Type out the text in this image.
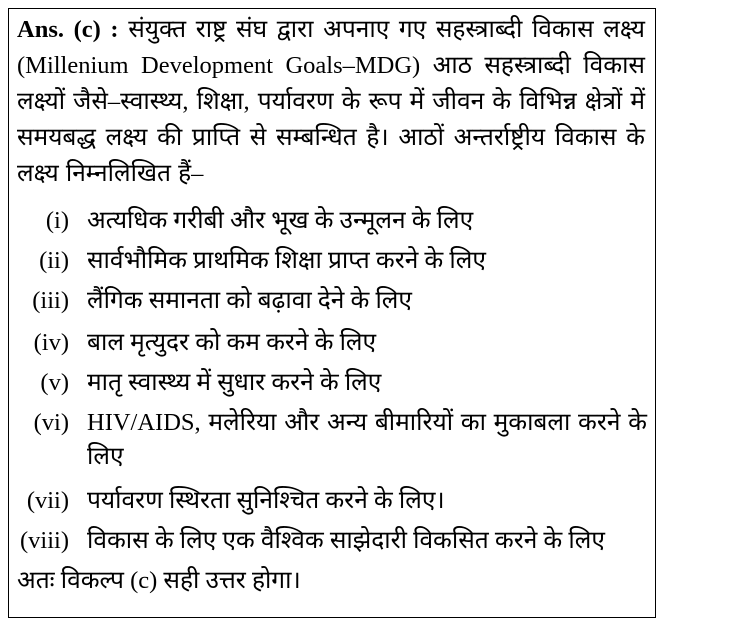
Ans. (c) : संयुक्त राष्ट्र संघ द्वारा अपनाए गए सहस्त्राब्दी विकास लक्ष्य (Millenium Development Goals–MDG) आठ सहस्त्राब्दी विकास लक्ष्यों जैसे–स्वास्थ्य, शिक्षा, पर्यावरण के रूप में जीवन के विभिन्न क्षेत्रों में समयबद्ध लक्ष्य की प्राप्ति से सम्बन्धित है। आठों अन्तर्राष्ट्रीय विकास के लक्ष्य निम्नलिखित हैं–
(i) अत्यधिक गरीबी और भूख के उन्मूलन के लिए
(ii) सार्वभौमिक प्राथमिक शिक्षा प्राप्त करने के लिए
(iii) लैंगिक समानता को बढ़ावा देने के लिए
(iv) बाल मृत्युदर को कम करने के लिए
(v) मातृ स्वास्थ्य में सुधार करने के लिए
(vi) HIV/AIDS, मलेरिया और अन्य बीमारियों का मुकाबला करने के लिए
(vii) पर्यावरण स्थिरता सुनिश्चित करने के लिए।
(viii) विकास के लिए एक वैश्विक साझेदारी विकसित करने के लिए
अतः विकल्प (c) सही उत्तर होगा।
